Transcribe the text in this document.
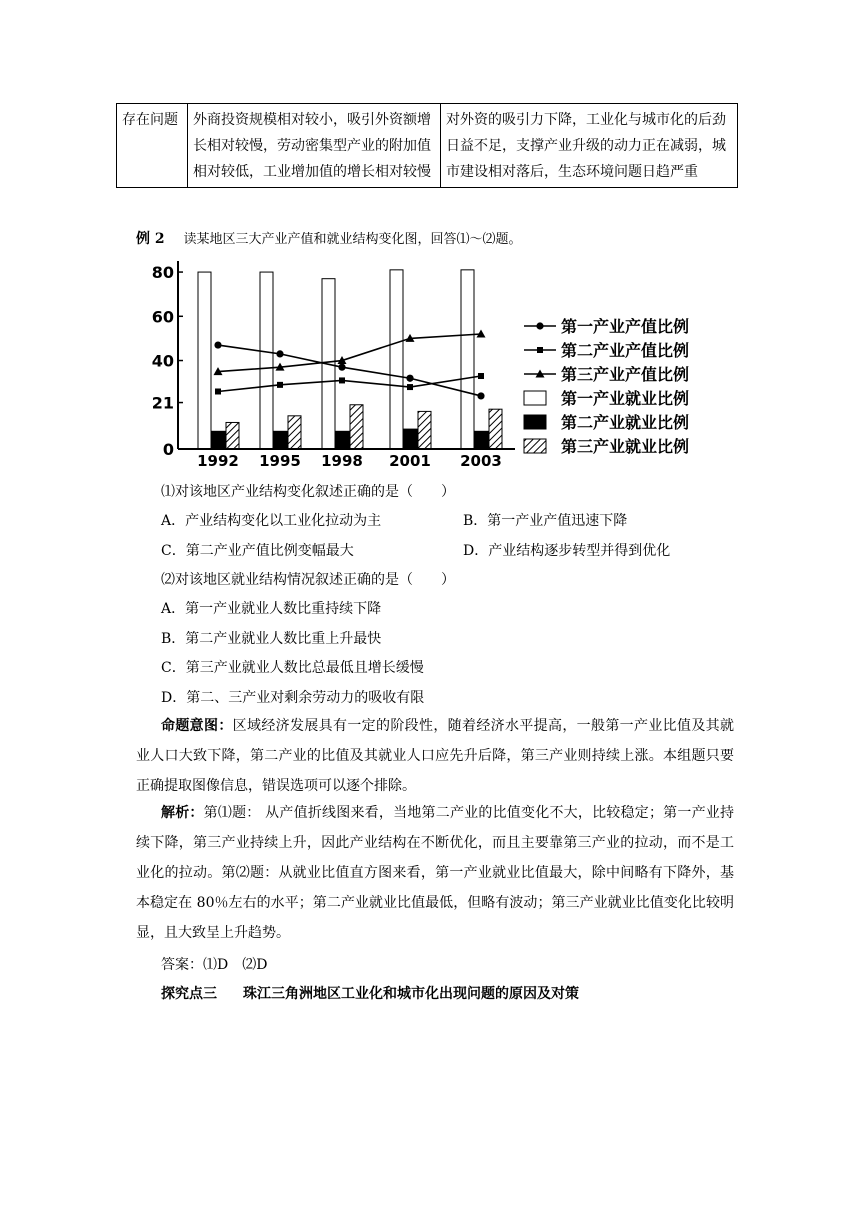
存在问题	外商投资规模相对较小，吸引外资额增长相对较慢，劳动密集型产业的附加值相对较低，工业增加值的增长相对较慢	对外资的吸引力下降，工业化与城市化的后劲日益不足，支撑产业升级的动力正在减弱，城市建设相对落后，生态环境问题日趋严重
例 2 读某地区三大产业产值和就业结构变化图，回答⑴～⑵题。
0
21
40
60
80
1992 1995 1998 2001 2003
第一产业产值比例
第二产业产值比例
第三产业产值比例
第一产业就业比例
第二产业就业比例
第三产业就业比例
⑴对该地区产业结构变化叙述正确的是（　　）
A．产业结构变化以工业化拉动为主	B．第一产业产值迅速下降
C．第二产业产值比例变幅最大	D．产业结构逐步转型并得到优化
⑵对该地区就业结构情况叙述正确的是（　　）
A．第一产业就业人数比重持续下降
B．第二产业就业人数比重上升最快
C．第三产业就业人数比总最低且增长缓慢
D．第二、三产业对剩余劳动力的吸收有限
命题意图：区域经济发展具有一定的阶段性，随着经济水平提高，一般第一产业比值及其就业人口大致下降，第二产业的比值及其就业人口应先升后降，第三产业则持续上涨。本组题只要正确提取图像信息，错误选项可以逐个排除。
解析：第⑴题： 从产值折线图来看，当地第二产业的比值变化不大，比较稳定；第一产业持续下降，第三产业持续上升，因此产业结构在不断优化，而且主要靠第三产业的拉动，而不是工业化的拉动。第⑵题：从就业比值直方图来看，第一产业就业比值最大，除中间略有下降外，基本稳定在 80％左右的水平；第二产业就业比值最低，但略有波动；第三产业就业比值变化比较明显，且大致呈上升趋势。
答案：⑴D　⑵D
探究点三 珠江三角洲地区工业化和城市化出现问题的原因及对策
